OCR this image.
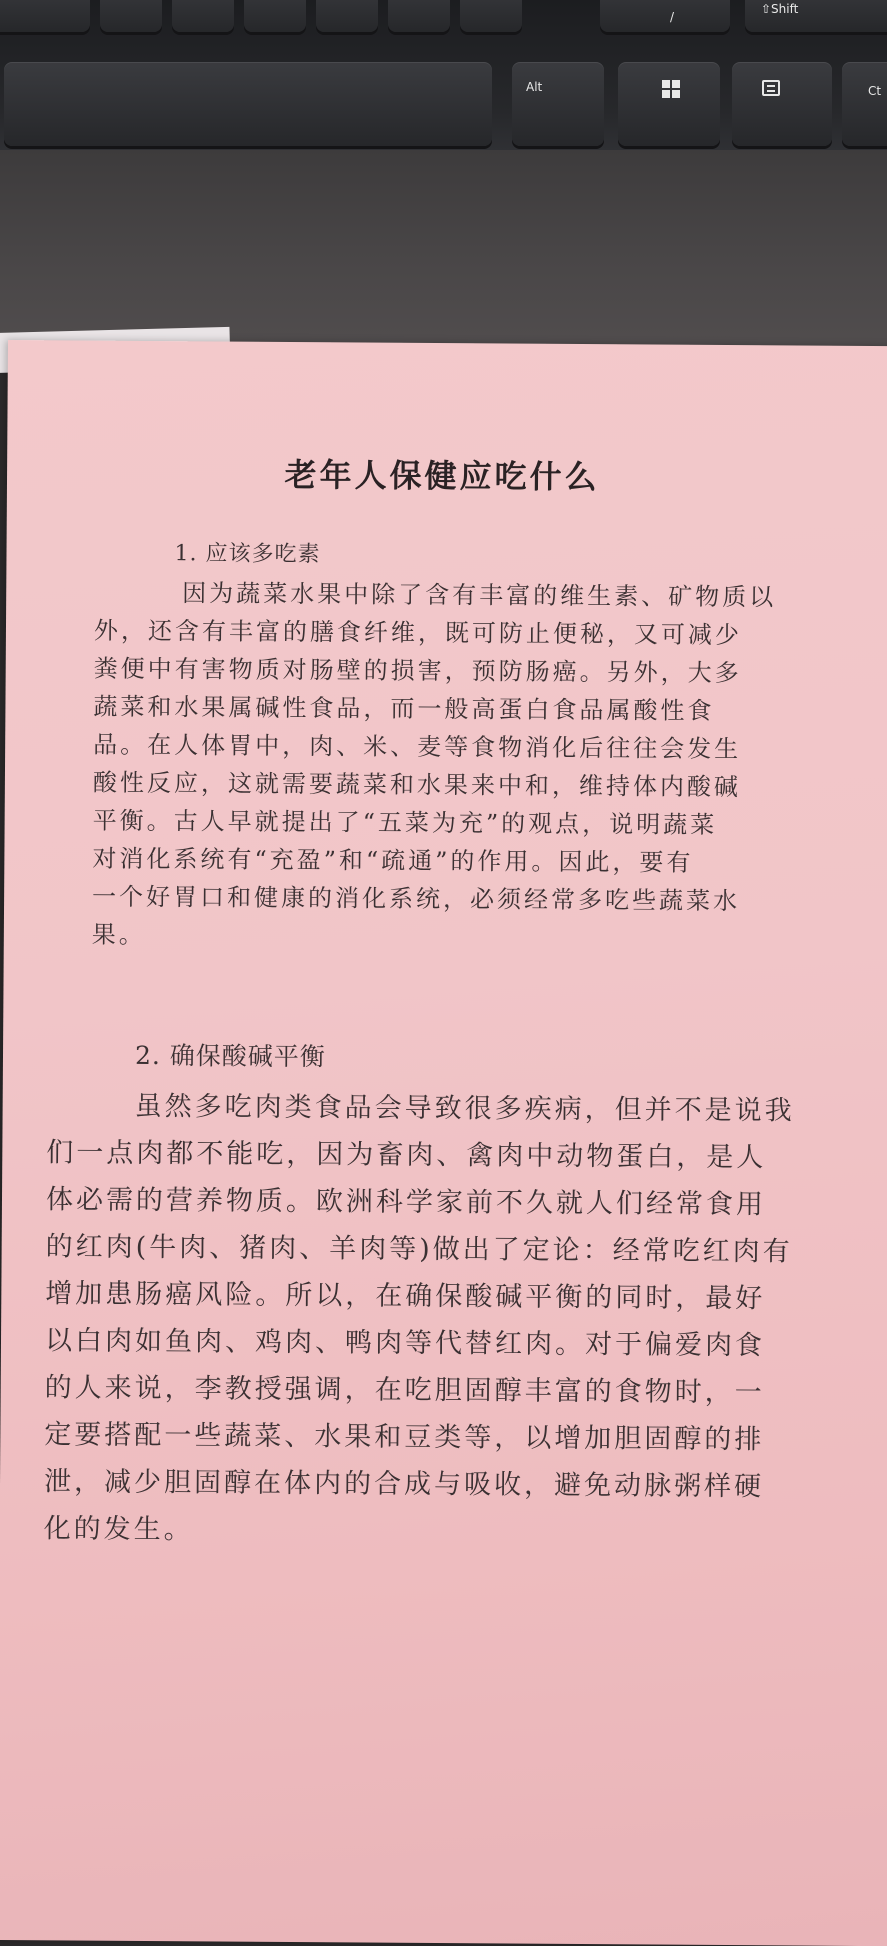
/
⇧Shift
Alt	Ct
老年人保健应吃什么
1. 应该多吃素

因为蔬菜水果中除了含有丰富的维生素、矿物质以
外，还含有丰富的膳食纤维，既可防止便秘，又可减少
粪便中有害物质对肠壁的损害，预防肠癌。另外，大多
蔬菜和水果属碱性食品，而一般高蛋白食品属酸性食
品。在人体胃中，肉、米、麦等食物消化后往往会发生
酸性反应，这就需要蔬菜和水果来中和，维持体内酸碱
平衡。古人早就提出了“五菜为充”的观点，说明蔬菜
对消化系统有“充盈”和“疏通”的作用。因此，要有
一个好胃口和健康的消化系统，必须经常多吃些蔬菜水
果。

2. 确保酸碱平衡

虽然多吃肉类食品会导致很多疾病，但并不是说我
们一点肉都不能吃，因为畜肉、禽肉中动物蛋白，是人
体必需的营养物质。欧洲科学家前不久就人们经常食用
的红肉(牛肉、猪肉、羊肉等)做出了定论：经常吃红肉有
增加患肠癌风险。所以，在确保酸碱平衡的同时，最好
以白肉如鱼肉、鸡肉、鸭肉等代替红肉。对于偏爱肉食
的人来说，李教授强调，在吃胆固醇丰富的食物时，一
定要搭配一些蔬菜、水果和豆类等，以增加胆固醇的排
泄，减少胆固醇在体内的合成与吸收，避免动脉粥样硬
化的发生。
